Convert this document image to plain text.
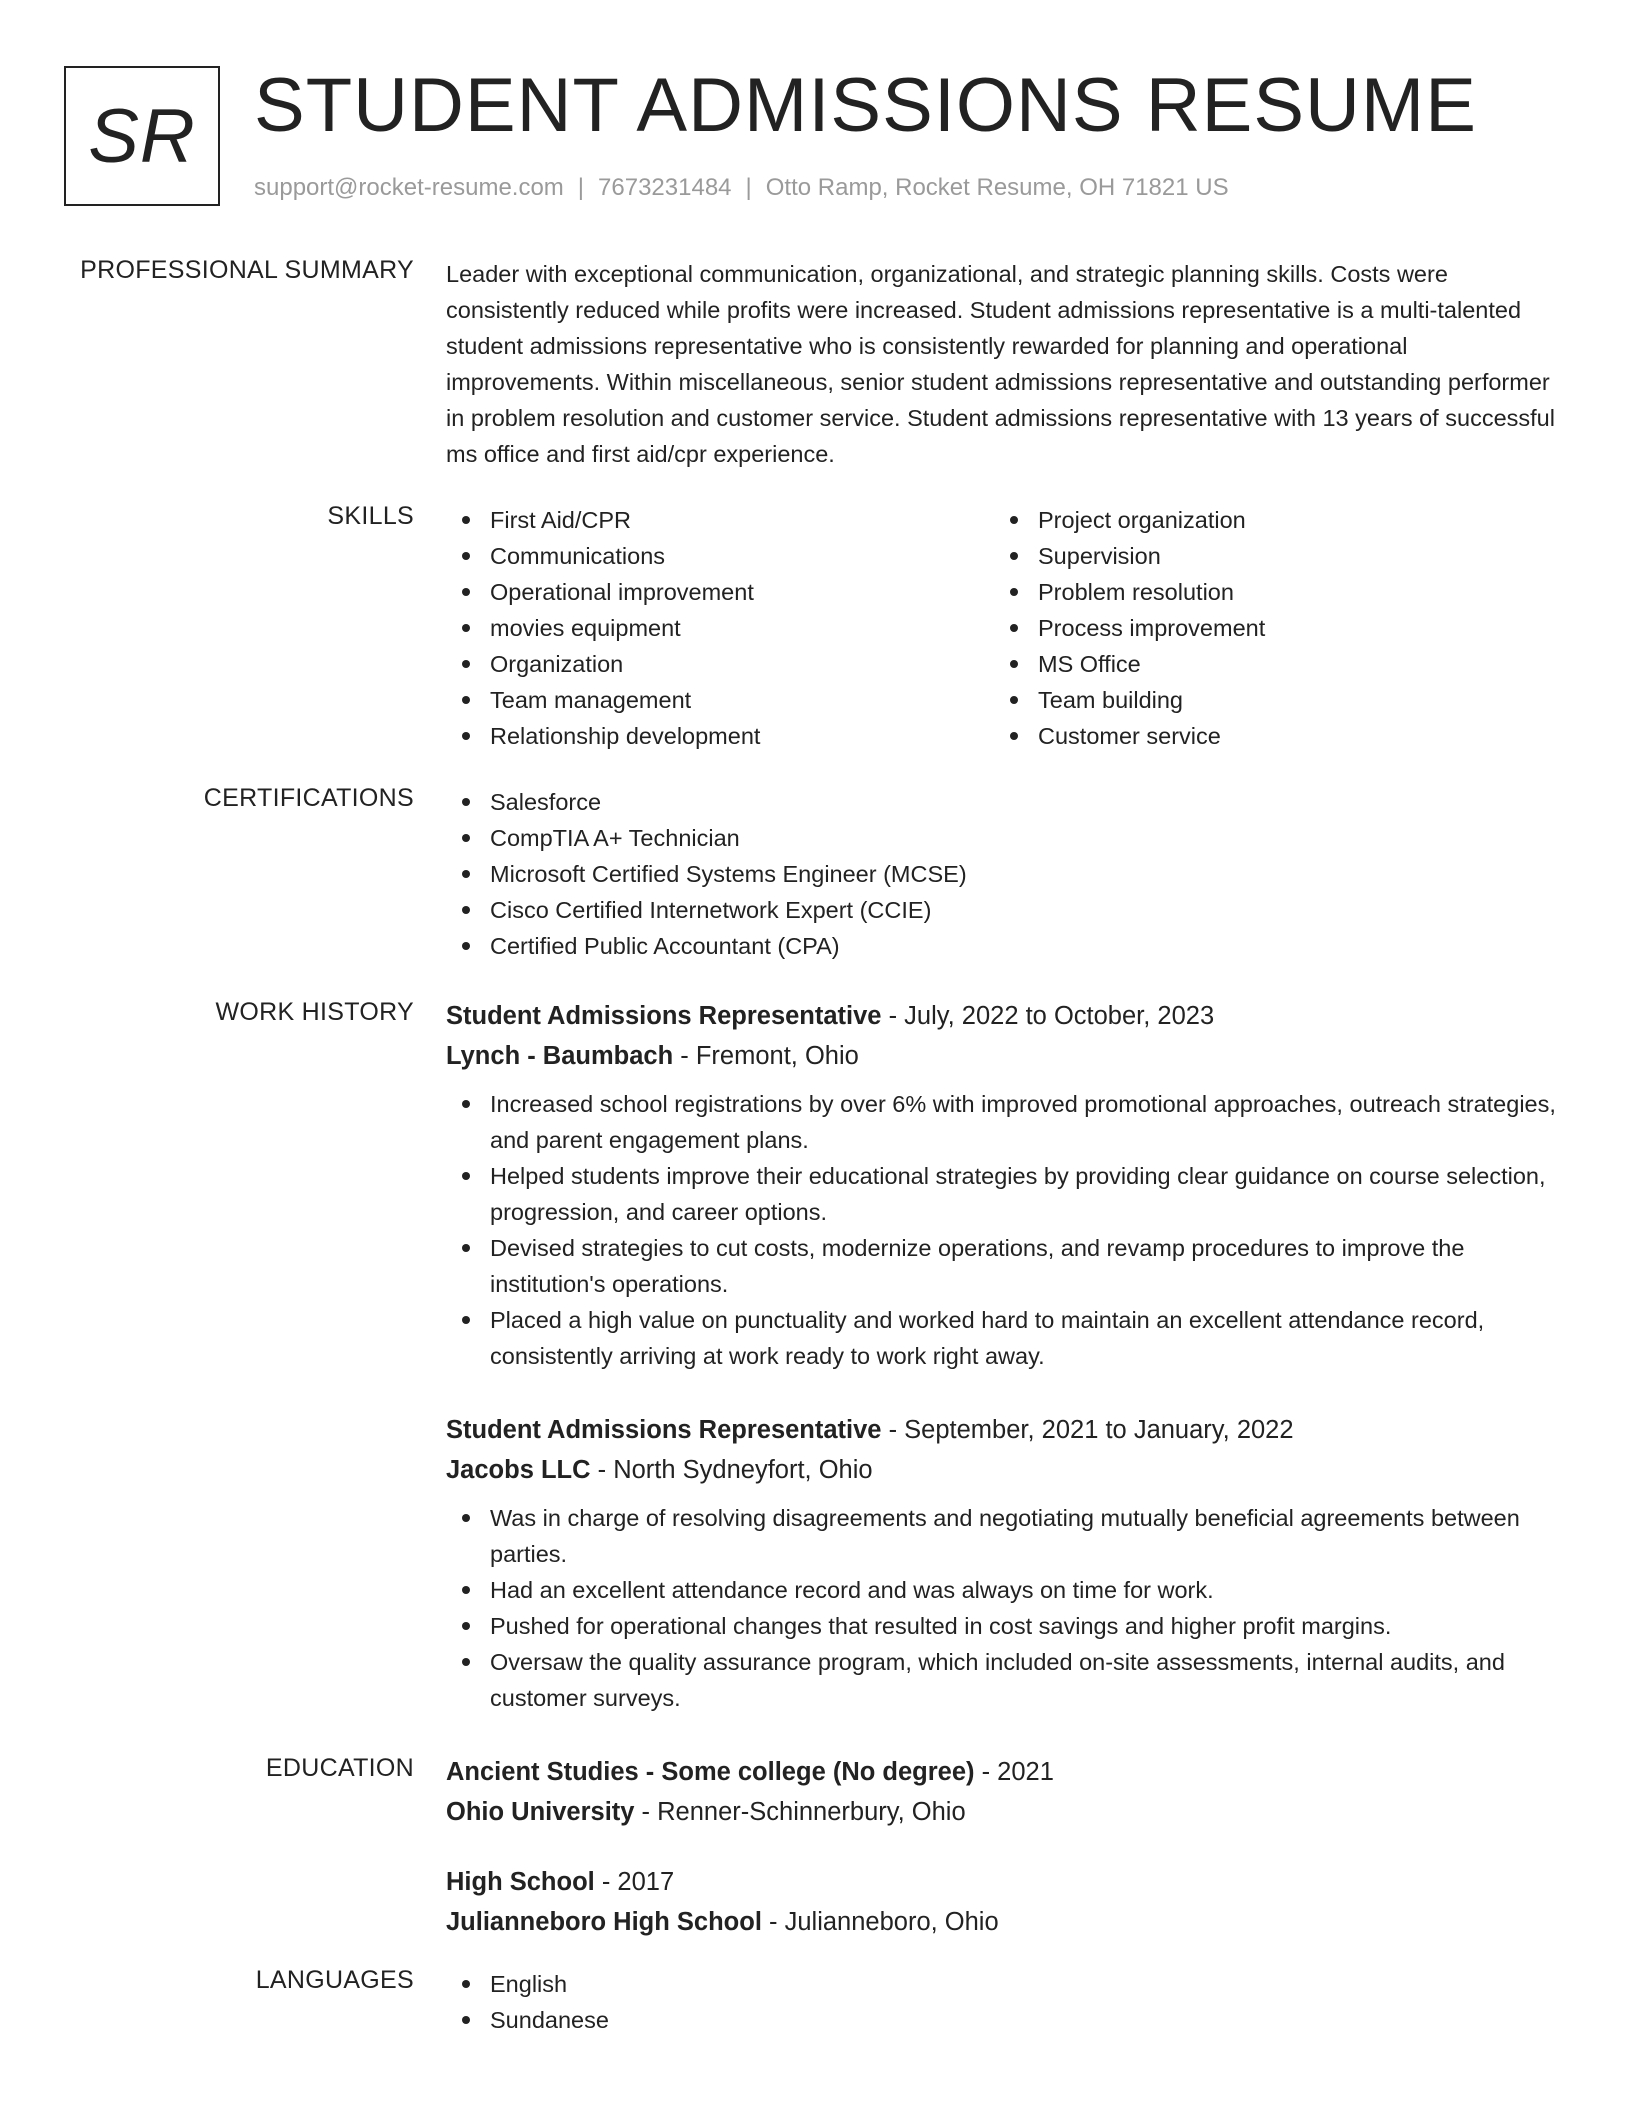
SR STUDENT ADMISSIONS RESUME
support@rocket-resume.com | 7673231484 | Otto Ramp, Rocket Resume, OH 71821 US
PROFESSIONAL SUMMARY Leader with exceptional communication, organizational, and strategic planning skills. Costs were consistently reduced while profits were increased. Student admissions representative is a multi-talented student admissions representative who is consistently rewarded for planning and operational improvements. Within miscellaneous, senior student admissions representative and outstanding performer in problem resolution and customer service. Student admissions representative with 13 years of successful ms office and first aid/cpr experience.

SKILLS	First Aid/CPR
Communications
Operational improvement
movies equipment
Organization
Team management
Relationship development
Project organization
Supervision
Problem resolution
Process improvement
MS Office
Team building
Customer service
CERTIFICATIONS	Salesforce
CompTIA A+ Technician
Microsoft Certified Systems Engineer (MCSE)
Cisco Certified Internetwork Expert (CCIE)
Certified Public Accountant (CPA)
WORK HISTORY Student Admissions Representative - July, 2022 to October, 2023
Lynch - Baumbach - Fremont, Ohio
Increased school registrations by over 6% with improved promotional approaches, outreach strategies, and parent engagement plans.
Helped students improve their educational strategies by providing clear guidance on course selection, progression, and career options.
Devised strategies to cut costs, modernize operations, and revamp procedures to improve the institution's operations.
Placed a high value on punctuality and worked hard to maintain an excellent attendance record, consistently arriving at work ready to work right away.
Student Admissions Representative - September, 2021 to January, 2022
Jacobs LLC - North Sydneyfort, Ohio
Was in charge of resolving disagreements and negotiating mutually beneficial agreements between parties.
Had an excellent attendance record and was always on time for work.
Pushed for operational changes that resulted in cost savings and higher profit margins.
Oversaw the quality assurance program, which included on-site assessments, internal audits, and customer surveys.
EDUCATION Ancient Studies - Some college (No degree) - 2021
Ohio University - Renner-Schinnerbury, Ohio
High School - 2017
Julianneboro High School - Julianneboro, Ohio
LANGUAGES	English
Sundanese
